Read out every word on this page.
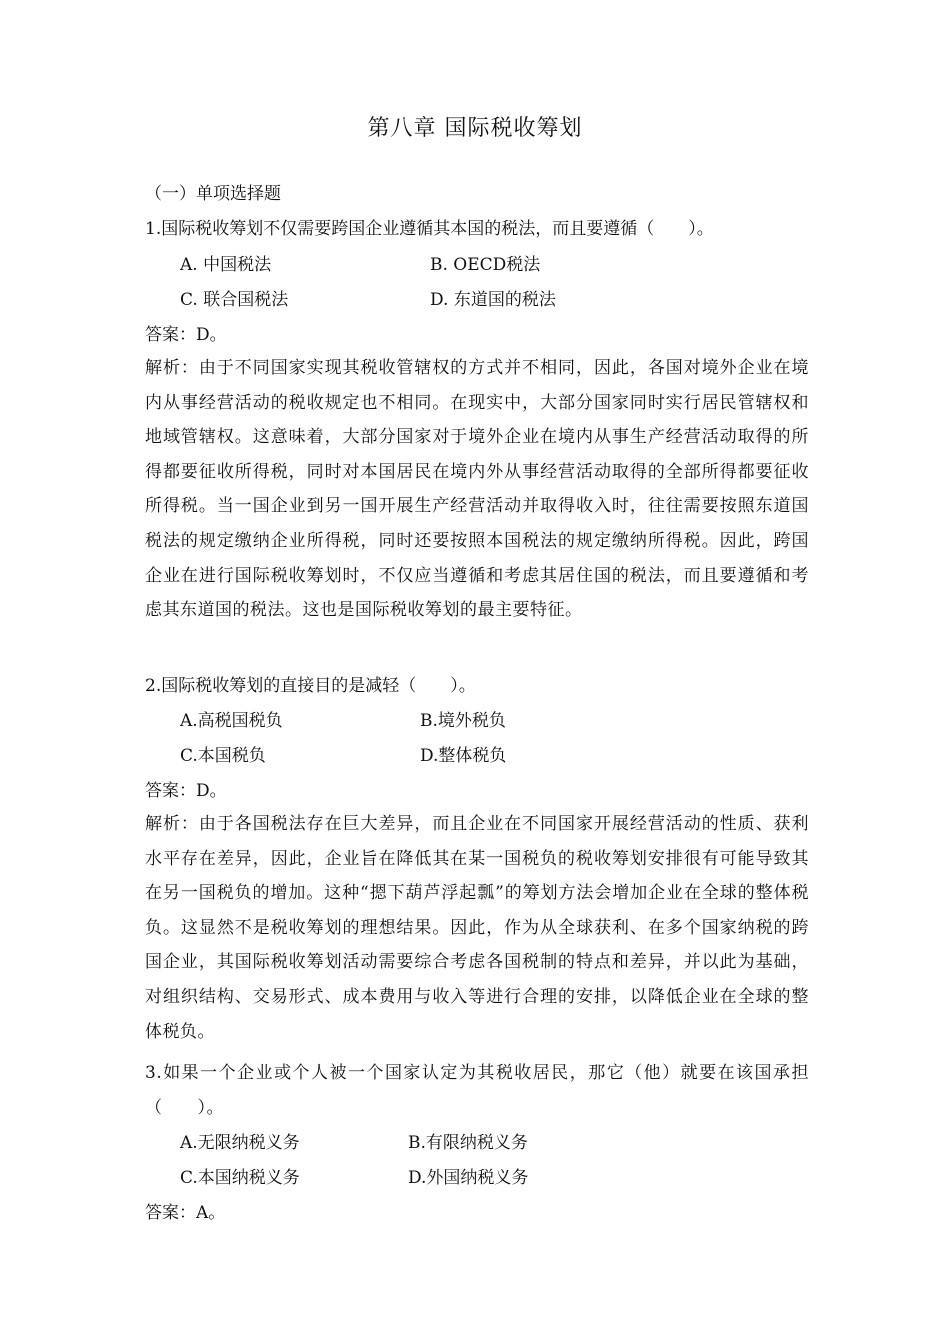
第八章 国际税收筹划
（一）单项选择题
1.国际税收筹划不仅需要跨国企业遵循其本国的税法，而且要遵循（　　）。
A. 中国税法	B. OECD税法
C. 联合国税法	D. 东道国的税法
答案：D。
解析：由于不同国家实现其税收管辖权的方式并不相同，因此，各国对境外企业在境内从事经营活动的税收规定也不相同。在现实中，大部分国家同时实行居民管辖权和地域管辖权。这意味着，大部分国家对于境外企业在境内从事生产经营活动取得的所得都要征收所得税，同时对本国居民在境内外从事经营活动取得的全部所得都要征收所得税。当一国企业到另一国开展生产经营活动并取得收入时，往往需要按照东道国税法的规定缴纳企业所得税，同时还要按照本国税法的规定缴纳所得税。因此，跨国企业在进行国际税收筹划时，不仅应当遵循和考虑其居住国的税法，而且要遵循和考虑其东道国的税法。这也是国际税收筹划的最主要特征。
2.国际税收筹划的直接目的是减轻（　　）。
A.高税国税负	B.境外税负
C.本国税负	D.整体税负
答案：D。
解析：由于各国税法存在巨大差异，而且企业在不同国家开展经营活动的性质、获利水平存在差异，因此，企业旨在降低其在某一国税负的税收筹划安排很有可能导致其在另一国税负的增加。这种“摁下葫芦浮起瓢”的筹划方法会增加企业在全球的整体税负。这显然不是税收筹划的理想结果。因此，作为从全球获利、在多个国家纳税的跨国企业，其国际税收筹划活动需要综合考虑各国税制的特点和差异，并以此为基础，对组织结构、交易形式、成本费用与收入等进行合理的安排，以降低企业在全球的整体税负。
3.如果一个企业或个人被一个国家认定为其税收居民，那它（他）就要在该国承担（　　）。
A.无限纳税义务	B.有限纳税义务
C.本国纳税义务	D.外国纳税义务
答案：A。
